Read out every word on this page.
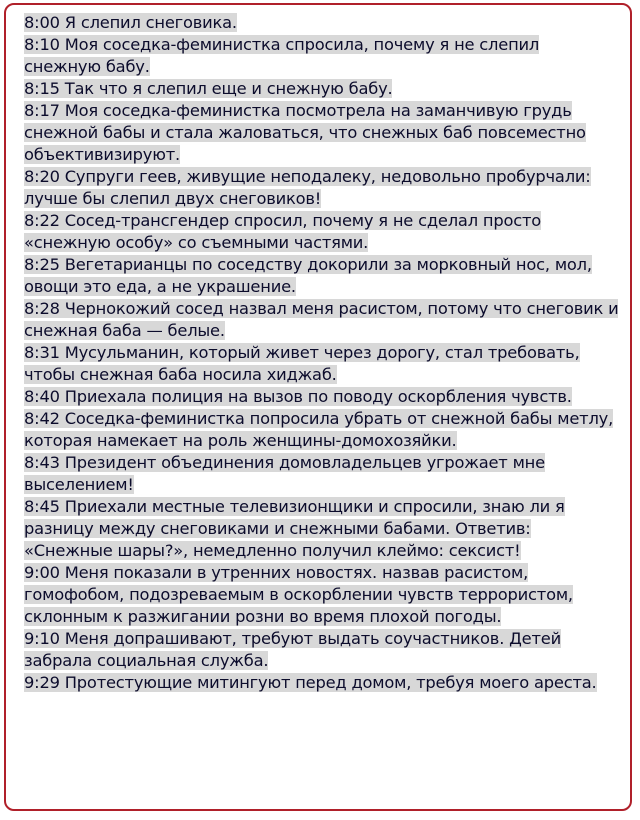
8:00 Я слепил снеговика.
8:10 Моя соседка-феминистка спросила, почему я не слепил снежную бабу.
8:15 Так что я слепил еще и снежную бабу.
8:17 Моя соседка-феминистка посмотрела на заманчивую грудь снежной бабы и стала жаловаться, что снежных баб повсеместно объективизируют.
8:20 Супруги геев, живущие неподалеку, недовольно пробурчали: лучше бы слепил двух снеговиков!
8:22 Сосед-трансгендер спросил, почему я не сделал просто «снежную особу» со съемными частями.
8:25 Вегетарианцы по соседству докорили за морковный нос, мол, овощи это еда, а не украшение.
8:28 Чернокожий сосед назвал меня расистом, потому что снеговик и снежная баба — белые.
8:31 Мусульманин, который живет через дорогу, стал требовать, чтобы снежная баба носила хиджаб.
8:40 Приехала полиция на вызов по поводу оскорбления чувств.
8:42 Соседка-феминистка попросила убрать от снежной бабы метлу, которая намекает на роль женщины-домохозяйки.
8:43 Президент объединения домовладельцев угрожает мне выселением!
8:45 Приехали местные телевизионщики и спросили, знаю ли я разницу между снеговиками и снежными бабами. Ответив: «Снежные шары?», немедленно получил клеймо: сексист!
9:00 Меня показали в утренних новостях. назвав расистом, гомофобом, подозреваемым в оскорблении чувств террористом, склонным к разжигании розни во время плохой погоды.
9:10 Меня допрашивают, требуют выдать соучастников. Детей забрала социальная служба.
9:29 Протестующие митингуют перед домом, требуя моего ареста.
